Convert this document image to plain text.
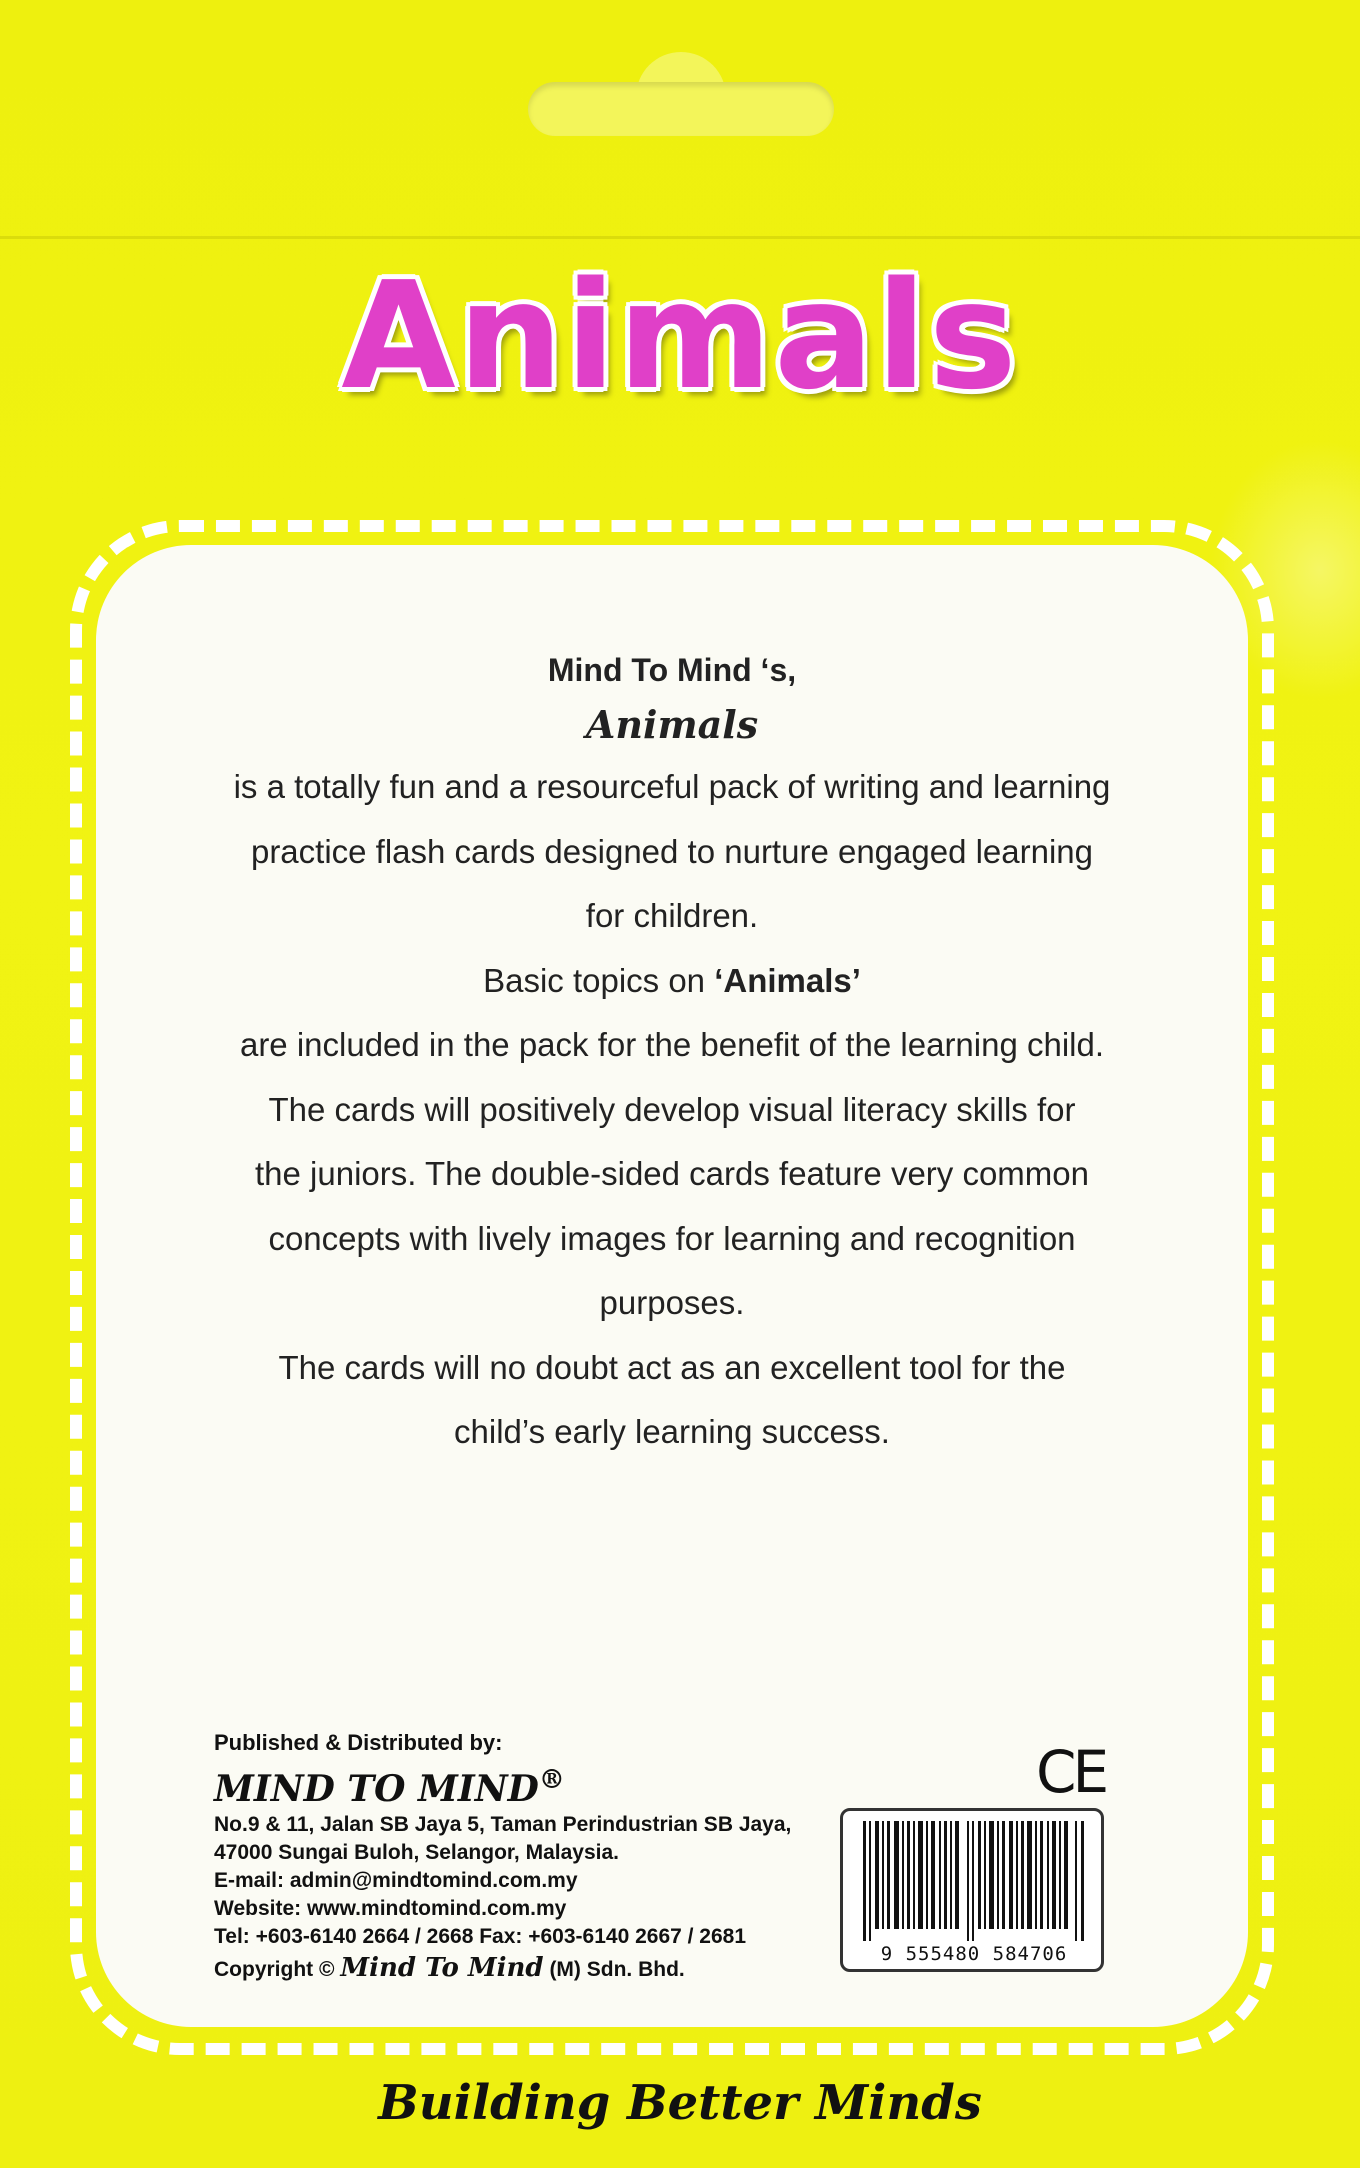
Animals
Mind To Mind ‘s,
Animals

is a totally fun and a resourceful pack of writing and learning

practice flash cards designed to nurture engaged learning

for children.

Basic topics on ‘Animals’

are included in the pack for the benefit of the learning child.

The cards will positively develop visual literacy skills for

the juniors. The double-sided cards feature very common

concepts with lively images for learning and recognition

purposes.

The cards will no doubt act as an excellent tool for the

child’s early learning success.

Published & Distributed by:
MIND TO MIND®
No.9 & 11, Jalan SB Jaya 5, Taman Perindustrian SB Jaya,
47000 Sungai Buloh, Selangor, Malaysia.
E-mail: admin@mindtomind.com.my
Website: www.mindtomind.com.my
Tel: +603-6140 2664 / 2668 Fax: +603-6140 2667 / 2681
Copyright © Mind To Mind (M) Sdn. Bhd.
CE
9 555480 584706
Building Better Minds
